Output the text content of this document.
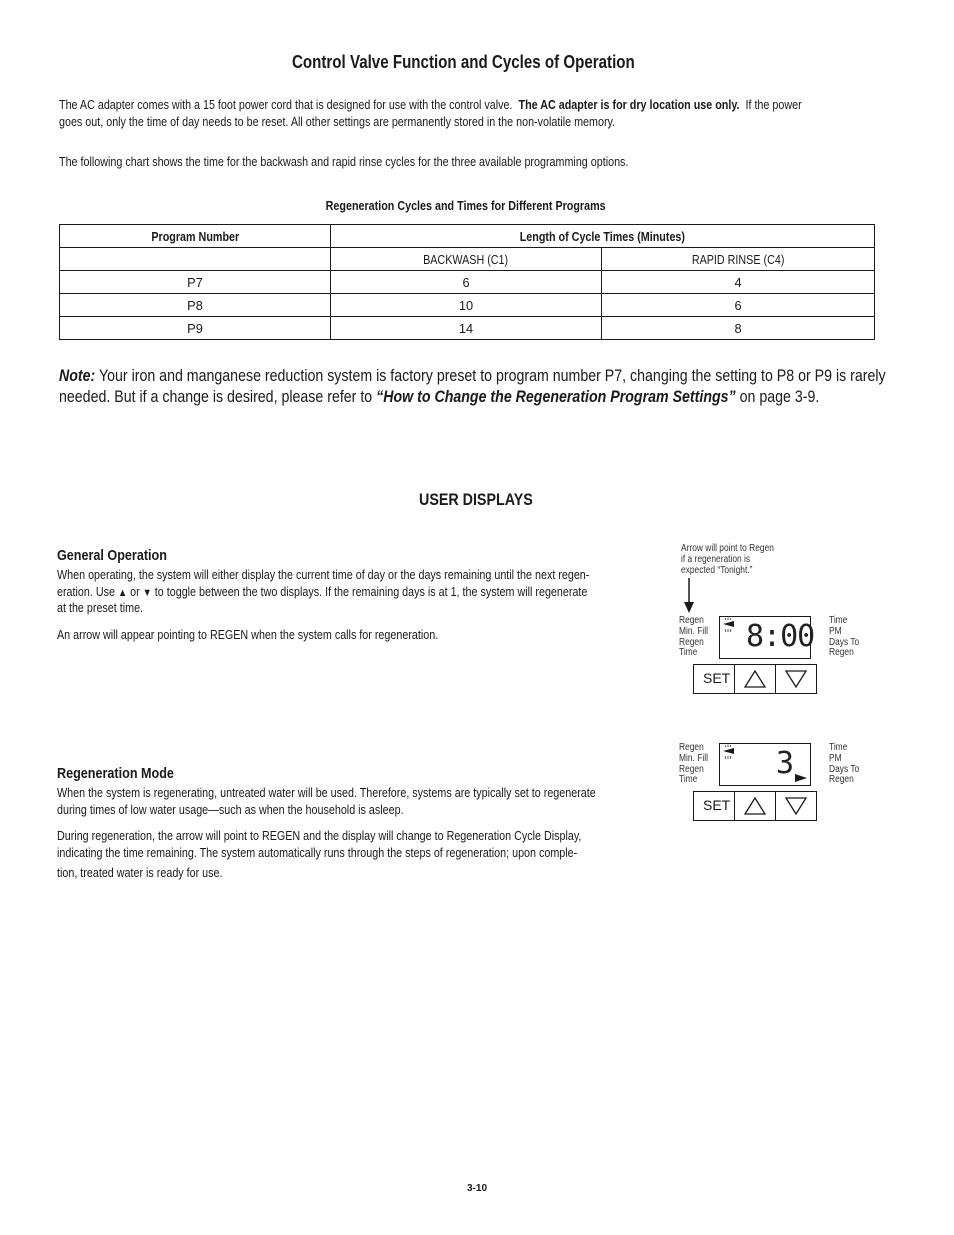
Control Valve Function and Cycles of Operation
The AC adapter comes with a 15 foot power cord that is designed for use with the control valve. The AC adapter is for dry location use only. If the power
goes out, only the time of day needs to be reset. All other settings are permanently stored in the non-volatile memory.
The following chart shows the time for the backwash and rapid rinse cycles for the three available programming options.
Regeneration Cycles and Times for Different Programs
Program Number	Length of Cycle Times (Minutes)	
	BACKWASH (C1)	RAPID RINSE (C4)
P7	6	4
P8	10	6
P9	14	8
Note: Your iron and manganese reduction system is factory preset to program number P7, changing the setting to P8 or P9 is rarely
needed. But if a change is desired, please refer to “How to Change the Regeneration Program Settings” on page 3-9.
USER DISPLAYS
General Operation
When operating, the system will either display the current time of day or the days remaining until the next regen-
eration. Use ▲ or ▼ to toggle between the two displays. If the remaining days is at 1, the system will regenerate
at the preset time.
An arrow will appear pointing to REGEN when the system calls for regeneration.
Regeneration Mode
When the system is regenerating, untreated water will be used. Therefore, systems are typically set to regenerate
during times of low water usage—such as when the household is asleep.
During regeneration, the arrow will point to REGEN and the display will change to Regeneration Cycle Display,
indicating the time remaining. The system automatically runs through the steps of regeneration; upon comple-
tion, treated water is ready for use.
Arrow will point to Regen
if a regeneration is
expected “Tonight.”
Regen
Min. Fill
Regen
Time
Time
PM
Days To
Regen
8:00
SET
Regen
Min. Fill
Regen
Time
Time
PM
Days To
Regen
3
SET
3-10
